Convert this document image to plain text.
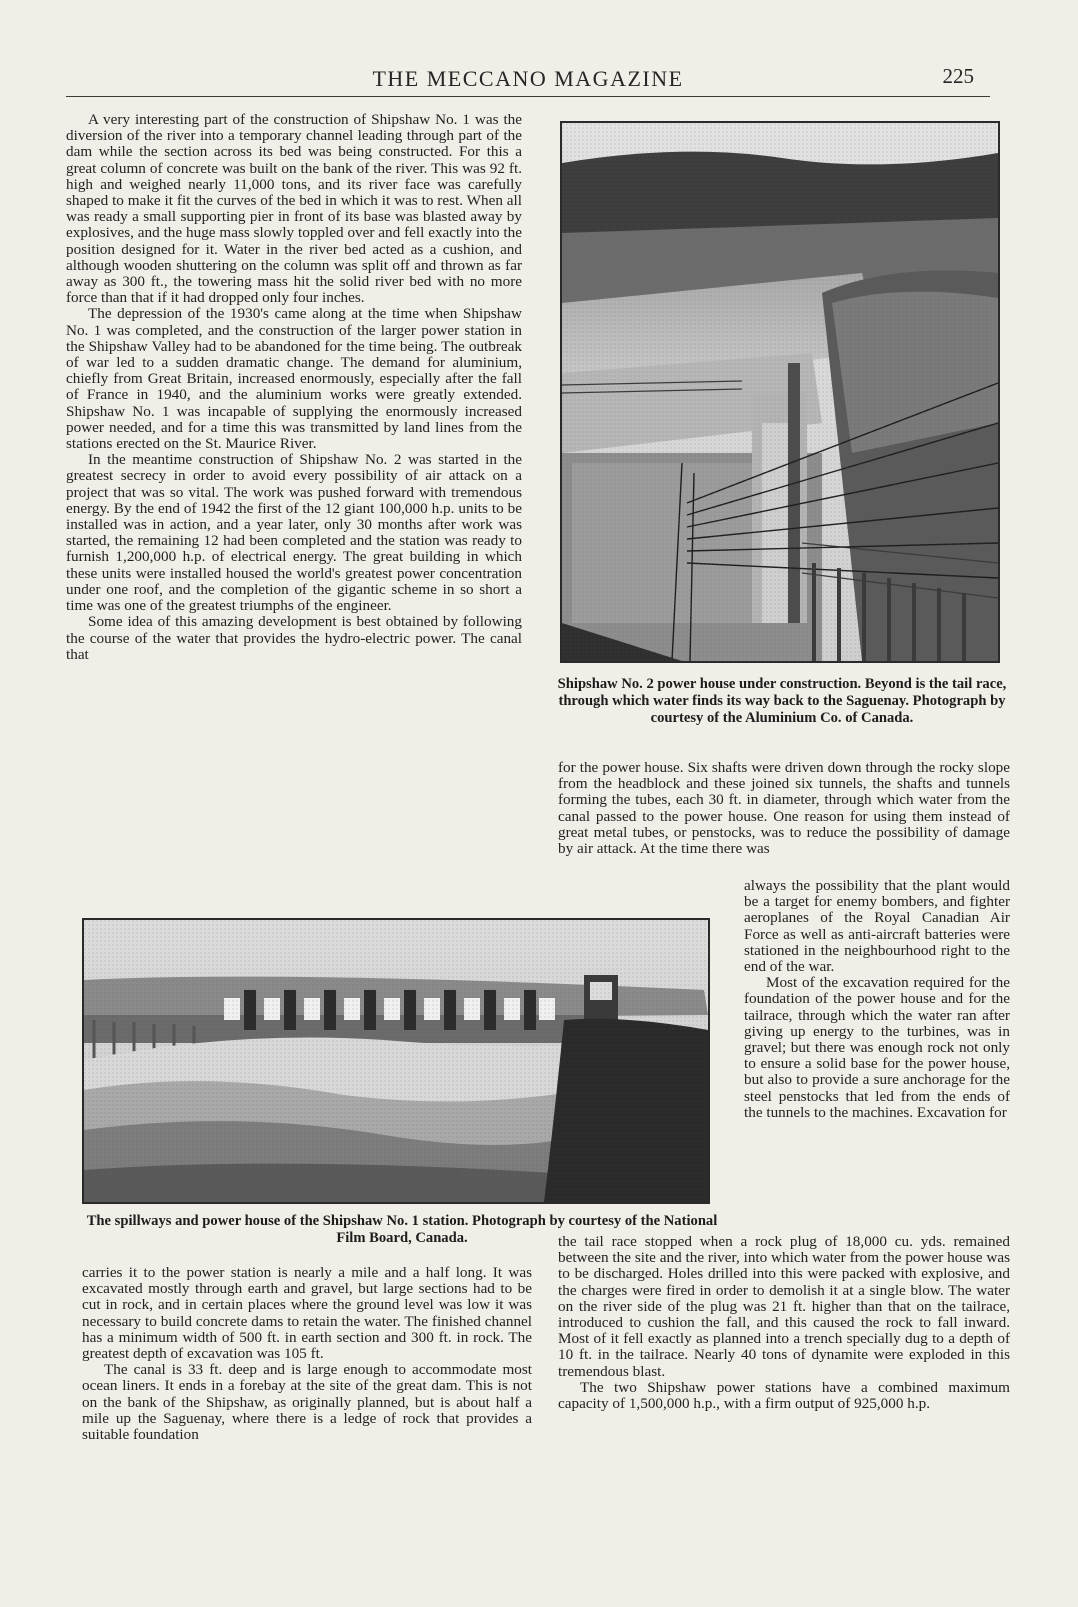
THE MECCANO MAGAZINE	225

A very interesting part of the construction of Shipshaw No. 1 was the diversion of the river into a temporary channel leading through part of the dam while the section across its bed was being constructed. For this a great column of concrete was built on the bank of the river. This was 92 ft. high and weighed nearly 11,000 tons, and its river face was carefully shaped to make it fit the curves of the bed in which it was to rest. When all was ready a small supporting pier in front of its base was blasted away by explosives, and the huge mass slowly toppled over and fell exactly into the position designed for it. Water in the river bed acted as a cushion, and although wooden shuttering on the column was split off and thrown as far away as 300 ft., the towering mass hit the solid river bed with no more force than that if it had dropped only four inches.

The depression of the 1930's came along at the time when Shipshaw No. 1 was completed, and the construction of the larger power station in the Shipshaw Valley had to be abandoned for the time being. The outbreak of war led to a sudden dramatic change. The demand for aluminium, chiefly from Great Britain, increased enormously, especially after the fall of France in 1940, and the aluminium works were greatly extended. Shipshaw No. 1 was incapable of supplying the enormously increased power needed, and for a time this was transmitted by land lines from the stations erected on the St. Maurice River.

In the meantime construction of Shipshaw No. 2 was started in the greatest secrecy in order to avoid every possibility of air attack on a project that was so vital. The work was pushed forward with tremendous energy. By the end of 1942 the first of the 12 giant 100,000 h.p. units to be installed was in action, and a year later, only 30 months after work was started, the remaining 12 had been completed and the station was ready to furnish 1,200,000 h.p. of electrical energy. The great building in which these units were installed housed the world's greatest power concentration under one roof, and the completion of the gigantic scheme in so short a time was one of the greatest triumphs of the engineer.

Some idea of this amazing development is best obtained by following the course of the water that provides the hydro-electric power. The canal that

Shipshaw No. 2 power house under construction. Beyond is the tail race, through which water finds its way back to the Saguenay. Photograph by courtesy of the Aluminium Co. of Canada.

for the power house. Six shafts were driven down through the rocky slope from the headblock and these joined six tunnels, the shafts and tunnels forming the tubes, each 30 ft. in diameter, through which water from the canal passed to the power house. One reason for using them instead of great metal tubes, or penstocks, was to reduce the possibility of damage by air attack. At the time there was

always the possibility that the plant would be a target for enemy bombers, and fighter aeroplanes of the Royal Canadian Air Force as well as anti-aircraft batteries were stationed in the neighbourhood right to the end of the war.

Most of the excavation required for the foundation of the power house and for the tailrace, through which the water ran after giving up energy to the turbines, was in gravel; but there was enough rock not only to ensure a solid base for the power house, but also to provide a sure anchorage for the steel penstocks that led from the ends of the tunnels to the machines. Excavation for

The spillways and power house of the Shipshaw No. 1 station. Photograph by courtesy of the National Film Board, Canada.

carries it to the power station is nearly a mile and a half long. It was excavated mostly through earth and gravel, but large sections had to be cut in rock, and in certain places where the ground level was low it was necessary to build concrete dams to retain the water. The finished channel has a minimum width of 500 ft. in earth section and 300 ft. in rock. The greatest depth of excavation was 105 ft.

The canal is 33 ft. deep and is large enough to accommodate most ocean liners. It ends in a forebay at the site of the great dam. This is not on the bank of the Shipshaw, as originally planned, but is about half a mile up the Saguenay, where there is a ledge of rock that provides a suitable foundation

the tail race stopped when a rock plug of 18,000 cu. yds. remained between the site and the river, into which water from the power house was to be discharged. Holes drilled into this were packed with explosive, and the charges were fired in order to demolish it at a single blow. The water on the river side of the plug was 21 ft. higher than that on the tailrace, introduced to cushion the fall, and this caused the rock to fall inward. Most of it fell exactly as planned into a trench specially dug to a depth of 10 ft. in the tailrace. Nearly 40 tons of dynamite were exploded in this tremendous blast.

The two Shipshaw power stations have a combined maximum capacity of 1,500,000 h.p., with a firm output of 925,000 h.p.
